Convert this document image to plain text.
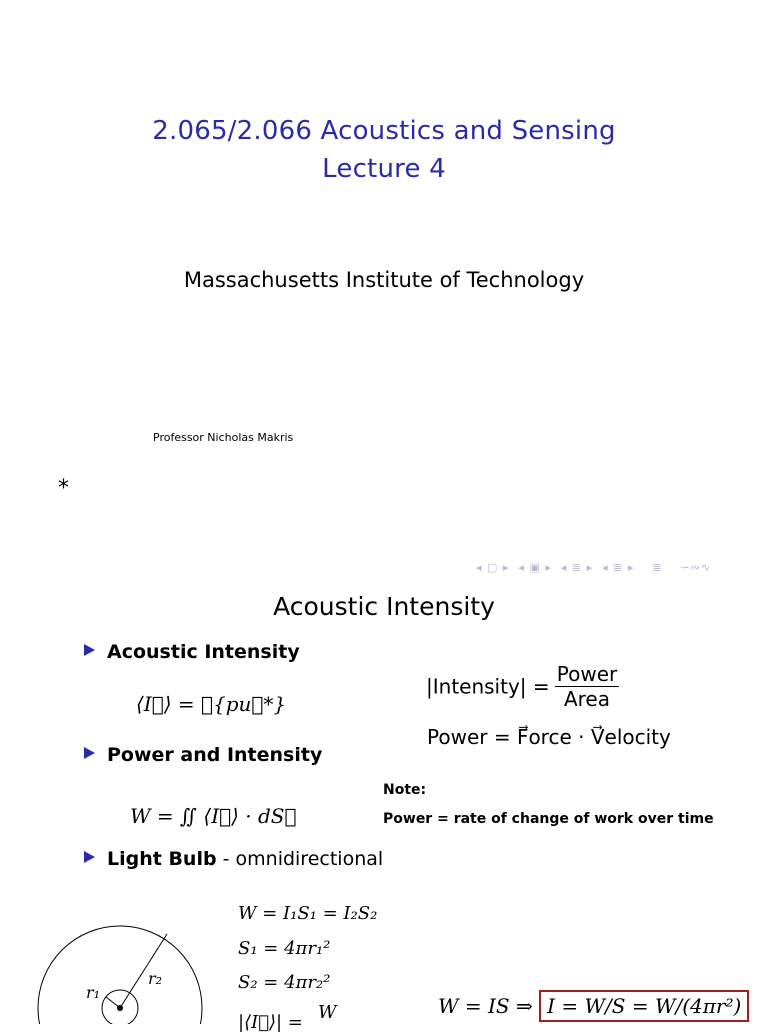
2.065/2.066 Acoustics and Sensing
Lecture 4
Massachusetts Institute of Technology
Professor Nicholas Makris
*
◂ ▢ ▸  ◂ ▣ ▸  ◂ ≣ ▸  ◂ ≣ ▸    ≣    ∽∾∿
Acoustic Intensity
Acoustic Intensity
⟨I⃗⟩ = ℜ{pu⃗*}
|Intensity| = $\frac{\text{Power}}{\text{Area}}$
Power = F⃗orce · V⃗elocity
Power and Intensity
W = ∬ ⟨I⃗⟩ · dS⃗
Note:
Power = rate of change of work over time
Light Bulb - omnidirectional
W = I₁S₁ = I₂S₂
S₁ = 4πr₁²
S₂ = 4πr₂²
|⟨I⃗⟩| = W	W = IS ⇒ I = W/S = W/(4πr²)
r₂
r₁
